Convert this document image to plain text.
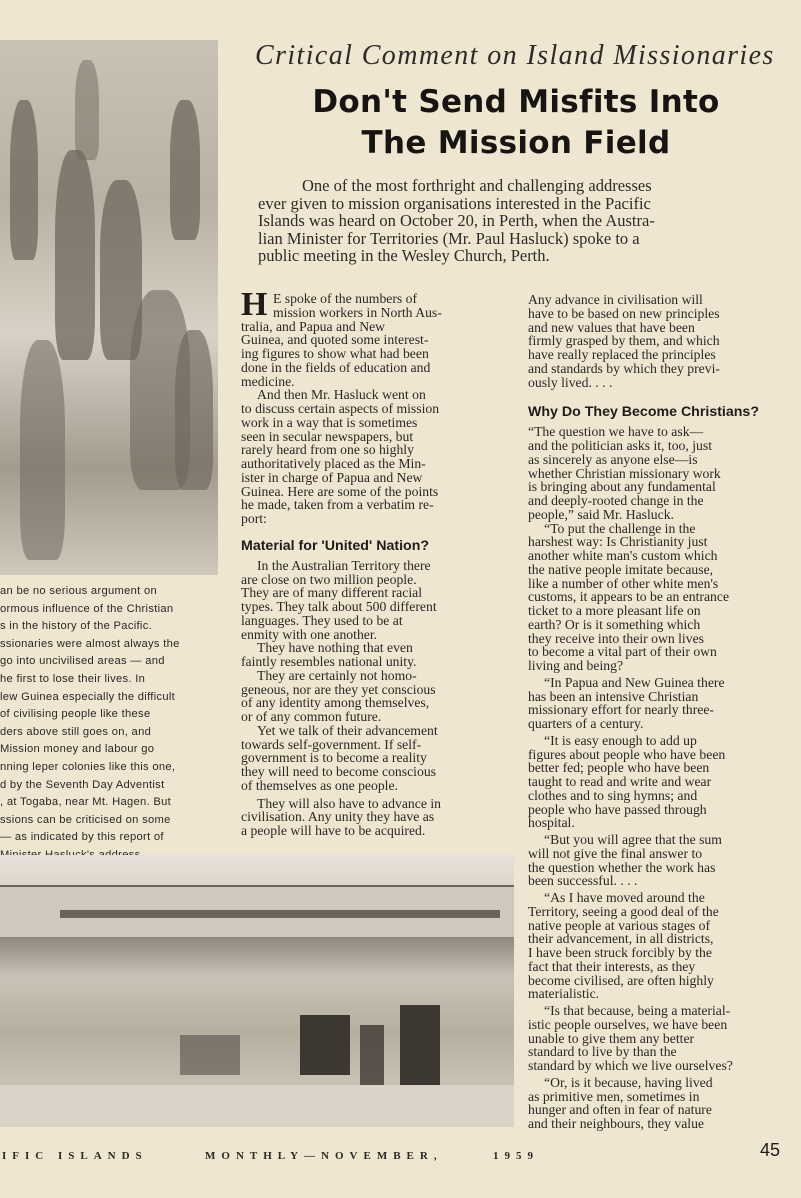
an be no serious argument on
ormous influence of the Christian
s in the history of the Pacific.
ssionaries were almost always the
go into uncivilised areas — and
he first to lose their lives. In
lew Guinea especially the difficult
of civilising people like these
ders above still goes on, and
Mission money and labour go
nning leper colonies like this one,
d by the Seventh Day Adventist
, at Togaba, near Mt. Hagen. But
ssions can be criticised on some
— as indicated by this report of
Critical Comment on Island Missionaries
Don't Send Misfits Into
The Mission Field
One of the most forthright and challenging addresses
ever given to mission organisations interested in the Pacific
Islands was heard on October 20, in Perth, when the Austra-
lian Minister for Territories (Mr. Paul Hasluck) spoke to a
public meeting in the Wesley Church, Perth.
H E spoke of the numbers of
mission workers in North Aus-
tralia, and Papua and New
Guinea, and quoted some interest-
ing figures to show what had been
done in the fields of education and
medicine.
And then Mr. Hasluck went on
to discuss certain aspects of mission
work in a way that is sometimes
seen in secular newspapers, but
rarely heard from one so highly
authoritatively placed as the Min-
ister in charge of Papua and New
Guinea. Here are some of the points
he made, taken from a verbatim re-
port:
Material for 'United' Nation?
In the Australian Territory there
are close on two million people.
They are of many different racial
types. They talk about 500 different
languages. They used to be at
enmity with one another.
They have nothing that even
faintly resembles national unity.
They are certainly not homo-
geneous, nor are they yet conscious
of any identity among themselves,
or of any common future.
Yet we talk of their advancement
towards self-government. If self-
government is to become a reality
they will need to become conscious
of themselves as one people.
They will also have to advance in
civilisation. Any unity they have as
a people will have to be acquired.
Any advance in civilisation will
have to be based on new principles
and new values that have been
firmly grasped by them, and which
have really replaced the principles
and standards by which they previ-
ously lived. . . .
Why Do They Become Christians?
“The question we have to ask—
and the politician asks it, too, just
as sincerely as anyone else—is
whether Christian missionary work
is bringing about any fundamental
and deeply-rooted change in the
people,” said Mr. Hasluck.
“To put the challenge in the
harshest way: Is Christianity just
another white man's custom which
the native people imitate because,
like a number of other white men's
customs, it appears to be an entrance
ticket to a more pleasant life on
earth? Or is it something which
they receive into their own lives
to become a vital part of their own
living and being?
“In Papua and New Guinea there
has been an intensive Christian
missionary effort for nearly three-
quarters of a century.
“It is easy enough to add up
figures about people who have been
better fed; people who have been
taught to read and write and wear
clothes and to sing hymns; and
people who have passed through
hospital.
“But you will agree that the sum
will not give the final answer to
the question whether the work has
been successful. . . .
“As I have moved around the
Territory, seeing a good deal of the
native people at various stages of
their advancement, in all districts,
I have been struck forcibly by the
fact that their interests, as they
become civilised, are often highly
materialistic.
“Is that because, being a material-
istic people ourselves, we have been
unable to give them any better
standard to live by than the
standard by which we live ourselves?
“Or, is it because, having lived
as primitive men, sometimes in
hunger and often in fear of nature
and their neighbours, they value
IFIC ISLANDS	MONTHLY—NOVEMBER,	1959	45
